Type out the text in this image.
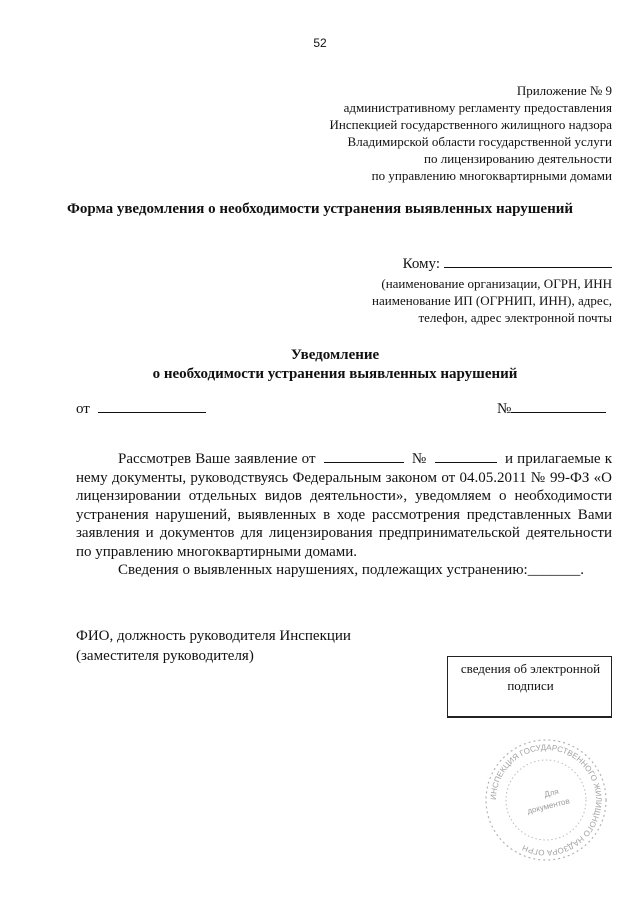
52
Приложение № 9
административному регламенту предоставления
Инспекцией государственного жилищного надзора
Владимирской области государственной услуги
по лицензированию деятельности
по управлению многоквартирными домами
Форма уведомления о необходимости устранения выявленных нарушений
Кому:
(наименование организации, ОГРН, ИНН
наименование ИП (ОГРНИП, ИНН), адрес,
телефон, адрес электронной почты
Уведомление
о необходимости устранения выявленных нарушений
от	№

Рассмотрев Ваше заявление от	№	и прилагаемые к нему документы, руководствуясь Федеральным законом от 04.05.2011 № 99-ФЗ «О лицензировании отдельных видов деятельности», уведомляем о необходимости устранения нарушений, выявленных в ходе рассмотрения представленных Вами заявления и документов для лицензирования предпринимательской деятельности по управлению многоквартирными домами.

Сведения о выявленных нарушениях, подлежащих устранению:_______.

ФИО, должность руководителя Инспекции
(заместителя руководителя)
сведения об электронной
подписи
ИНСПЕКЦИЯ ГОСУДАРСТВЕННОГО ЖИЛИЩНОГО НАДЗОРА ОГРН
Для
документов
